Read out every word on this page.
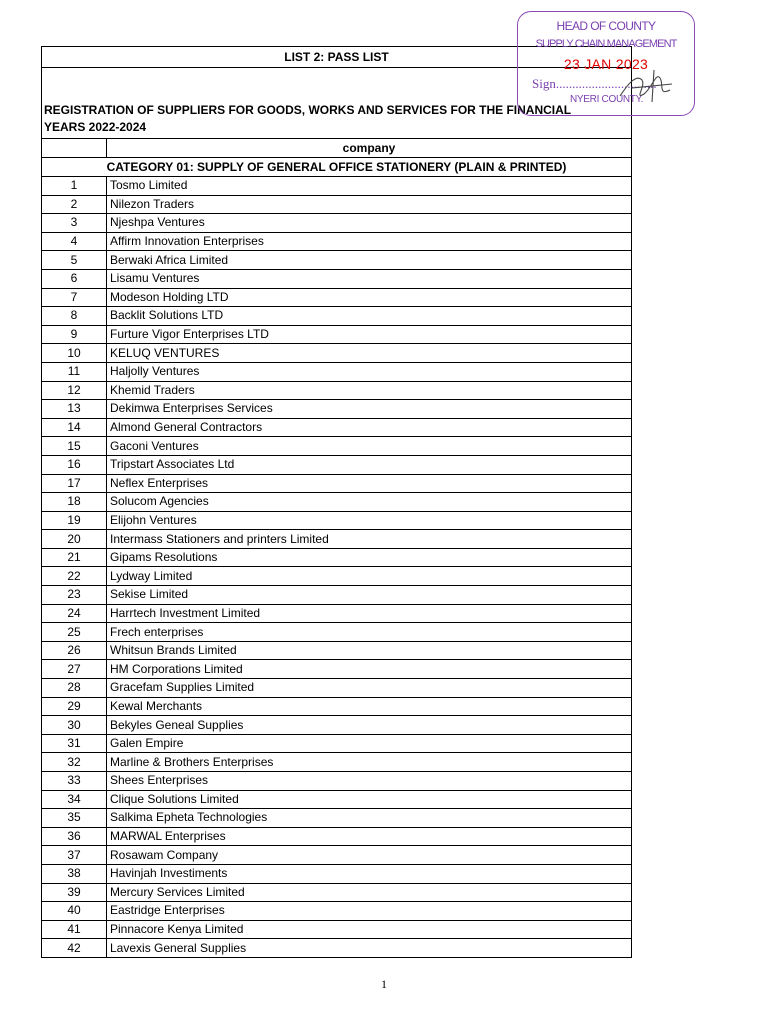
LIST 2: PASS LIST
REGISTRATION OF SUPPLIERS FOR GOODS, WORKS AND SERVICES FOR THE FINANCIAL YEARS 2022-2024
company
CATEGORY 01: SUPPLY OF GENERAL OFFICE STATIONERY (PLAIN & PRINTED)
1	Tosmo Limited
2	Nilezon Traders
3	Njeshpa Ventures
4	Affirm Innovation Enterprises
5	Berwaki Africa Limited
6	Lisamu Ventures
7	Modeson Holding LTD
8	Backlit Solutions LTD
9	Furture Vigor Enterprises LTD
10	KELUQ VENTURES
11	Haljolly Ventures
12	Khemid Traders
13	Dekimwa Enterprises Services
14	Almond General Contractors
15	Gaconi Ventures
16	Tripstart Associates Ltd
17	Neflex Enterprises
18	Solucom Agencies
19	Elijohn Ventures
20	Intermass Stationers and printers Limited
21	Gipams Resolutions
22	Lydway Limited
23	Sekise Limited
24	Harrtech Investment Limited
25	Frech enterprises
26	Whitsun Brands Limited
27	HM Corporations Limited
28	Gracefam Supplies Limited
29	Kewal Merchants
30	Bekyles Geneal Supplies
31	Galen Empire
32	Marline & Brothers Enterprises
33	Shees Enterprises
34	Clique Solutions Limited
35	Salkima Epheta Technologies
36	MARWAL Enterprises
37	Rosawam Company
38	Havinjah Investiments
39	Mercury Services Limited
40	Eastridge Enterprises
41	Pinnacore Kenya Limited
42	Lavexis General Supplies
HEAD OF COUNTY
SUPPLY CHAIN MANAGEMENT
23 JAN 2023
Sign...............................
NYERI COUNTY.
1
